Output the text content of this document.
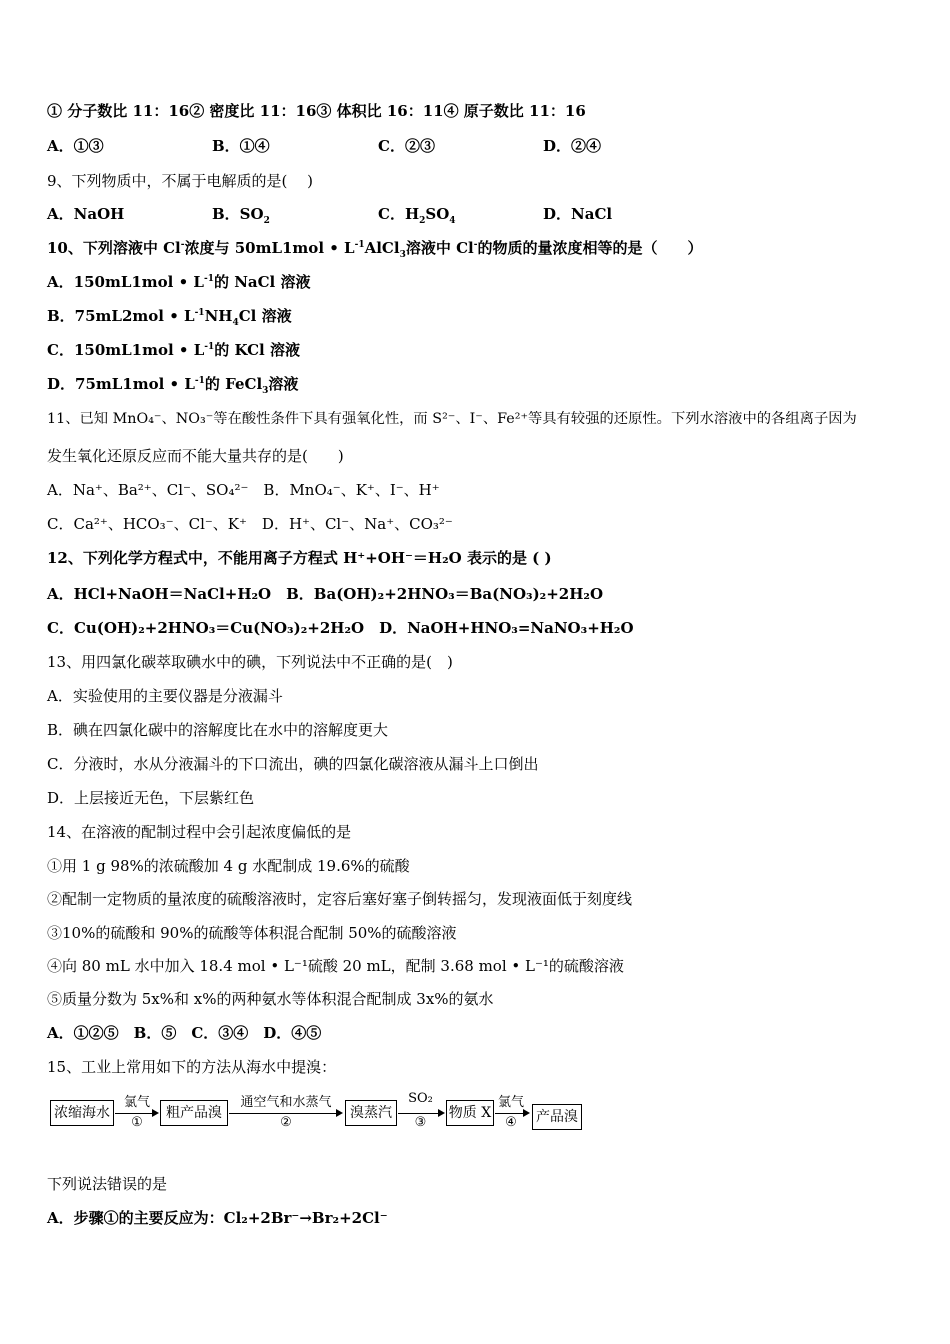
① 分子数比 11：16② 密度比 11：16③ 体积比 16：11④ 原子数比 11：16
A．①③	B．①④	C．②③	D．②④
9、下列物质中，不属于电解质的是(　 )
A．NaOH	B．$SO_2$	C．$H_2SO_4$	D．NaCl
10、下列溶液中 Cl-浓度与 50mL1mol • $L^{-1}AlCl_3$溶液中 Cl-的物质的量浓度相等的是（　　）
A．150mL1mol • $L^{-1}$的 NaCl 溶液
B．75mL2mol • $L^{-1}NH_4Cl$ 溶液
C．150mL1mol • $L^{-1}$的 KCl 溶液
D．75mL1mol • $L^{-1}$的 FeCl$_3$溶液
11、已知 MnO₄⁻、NO₃⁻等在酸性条件下具有强氧化性，而 S²⁻、I⁻、Fe²⁺等具有较强的还原性。下列水溶液中的各组离子因为
发生氧化还原反应而不能大量共存的是(　　)
A．Na⁺、Ba²⁺、Cl⁻、SO₄²⁻　B．MnO₄⁻、K⁺、I⁻、H⁺
C．Ca²⁺、HCO₃⁻、Cl⁻、K⁺　D．H⁺、Cl⁻、Na⁺、CO₃²⁻
12、下列化学方程式中，不能用离子方程式 H⁺+OH⁻＝H₂O 表示的是 ( )
A．HCl+NaOH＝NaCl+H₂O　B．Ba(OH)₂+2HNO₃＝Ba(NO₃)₂+2H₂O
C．Cu(OH)₂+2HNO₃＝Cu(NO₃)₂+2H₂O　D．NaOH+HNO₃=NaNO₃+H₂O
13、用四氯化碳萃取碘水中的碘，下列说法中不正确的是(　)
A．实验使用的主要仪器是分液漏斗
B．碘在四氯化碳中的溶解度比在水中的溶解度更大
C．分液时，水从分液漏斗的下口流出，碘的四氯化碳溶液从漏斗上口倒出
D．上层接近无色，下层紫红色
14、在溶液的配制过程中会引起浓度偏低的是
①用 1 g 98%的浓硫酸加 4 g 水配制成 19.6%的硫酸
②配制一定物质的量浓度的硫酸溶液时，定容后塞好塞子倒转摇匀，发现液面低于刻度线
③10%的硫酸和 90%的硫酸等体积混合配制 50%的硫酸溶液
④向 80 mL 水中加入 18.4 mol • L⁻¹硫酸 20 mL，配制 3.68 mol • L⁻¹的硫酸溶液
⑤质量分数为 5x%和 x%的两种氨水等体积混合配制成 3x%的氨水
A．①②⑤　B．⑤　C．③④　D．④⑤
15、工业上常用如下的方法从海水中提溴：
浓缩海水
氯气
①
粗产品溴
通空气和水蒸气
②
溴蒸汽
SO₂
③
物质 X
氯气
④	产品溴
下列说法错误的是
A．步骤①的主要反应为：Cl₂+2Br⁻→Br₂+2Cl⁻
